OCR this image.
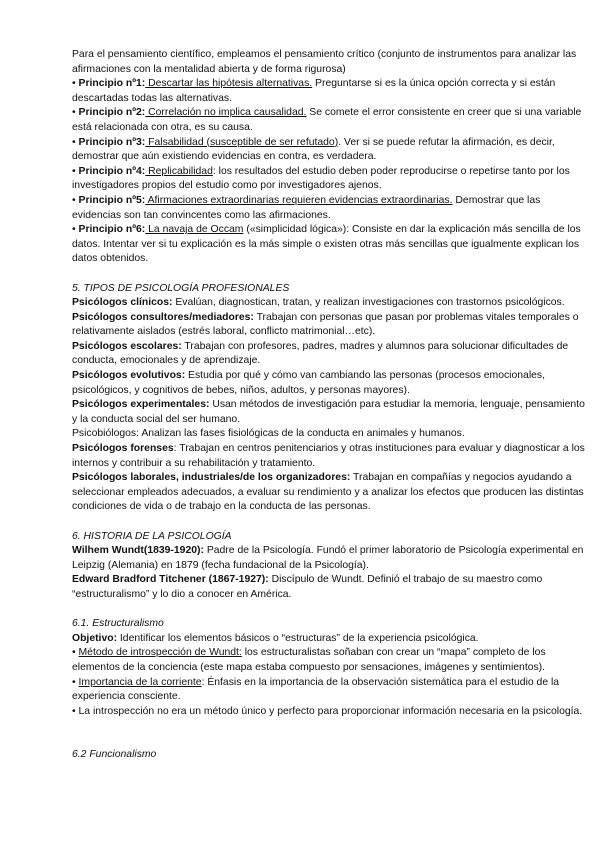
Para el pensamiento científico, empleamos el pensamiento crítico (conjunto de instrumentos para analizar las afirmaciones con la mentalidad abierta y de forma rigurosa)

• Principio nº1: Descartar las hipótesis alternativas. Preguntarse si es la única opción correcta y si están descartadas todas las alternativas.

• Principio nº2: Correlación no implica causalidad. Se comete el error consistente en creer que si una variable está relacionada con otra, es su causa.

• Principio nº3: Falsabilidad (susceptible de ser refutado). Ver si se puede refutar la afirmación, es decir, demostrar que aún existiendo evidencias en contra, es verdadera.

• Principio nº4: Replicabilidad: los resultados del estudio deben poder reproducirse o repetirse tanto por los investigadores propios del estudio como por investigadores ajenos.

• Principio nº5: Afirmaciones extraordinarias requieren evidencias extraordinarias. Demostrar que las evidencias son tan convincentes como las afirmaciones.

• Principio nº6: La navaja de Occam («simplicidad lógica»): Consiste en dar la explicación más sencilla de los datos. Intentar ver si tu explicación es la más simple o existen otras más sencillas que igualmente explican los datos obtenidos.

5. TIPOS DE PSICOLOGÍA PROFESIONALES

Psicólogos clínicos: Evalúan, diagnostican, tratan, y realizan investigaciones con trastornos psicológicos.

Psicólogos consultores/mediadores: Trabajan con personas que pasan por problemas vitales temporales o relativamente aislados (estrés laboral, conflicto matrimonial…etc).

Psicólogos escolares: Trabajan con profesores, padres, madres y alumnos para solucionar dificultades de conducta, emocionales y de aprendizaje.

Psicólogos evolutivos: Estudia por qué y cómo van cambiando las personas (procesos emocionales, psicológicos, y cognitivos de bebes, niños, adultos, y personas mayores).

Psicólogos experimentales: Usan métodos de investigación para estudiar la memoria, lenguaje, pensamiento y la conducta social del ser humano.

Psicobiólogos: Analizan las fases fisiológicas de la conducta en animales y humanos.

Psicólogos forenses: Trabajan en centros penitenciarios y otras instituciones para evaluar y diagnosticar a los internos y contribuir a su rehabilitación y tratamiento.

Psicólogos laborales, industriales/de los organizadores: Trabajan en compañías y negocios ayudando a seleccionar empleados adecuados, a evaluar su rendimiento y a analizar los efectos que producen las distintas condiciones de vida o de trabajo en la conducta de las personas.

6. HISTORIA DE LA PSICOLOGÍA

Wilhem Wundt(1839-1920): Padre de la Psicología. Fundó el primer laboratorio de Psicología experimental en Leipzig (Alemania) en 1879 (fecha fundacional de la Psicología).

Edward Bradford Titchener (1867-1927): Discípulo de Wundt. Definió el trabajo de su maestro como “estructuralismo” y lo dio a conocer en América.

6.1. Estructuralismo

Objetivo: Identificar los elementos básicos o “estructuras” de la experiencia psicológica.

• Método de introspección de Wundt: los estructuralistas soñaban con crear un “mapa” completo de los elementos de la conciencia (este mapa estaba compuesto por sensaciones, imágenes y sentimientos).

• Importancia de la corriente: Énfasis en la importancia de la observación sistemática para el estudio de la experiencia consciente.

• La introspección no era un método único y perfecto para proporcionar información necesaria en la psicología.

6.2 Funcionalismo
